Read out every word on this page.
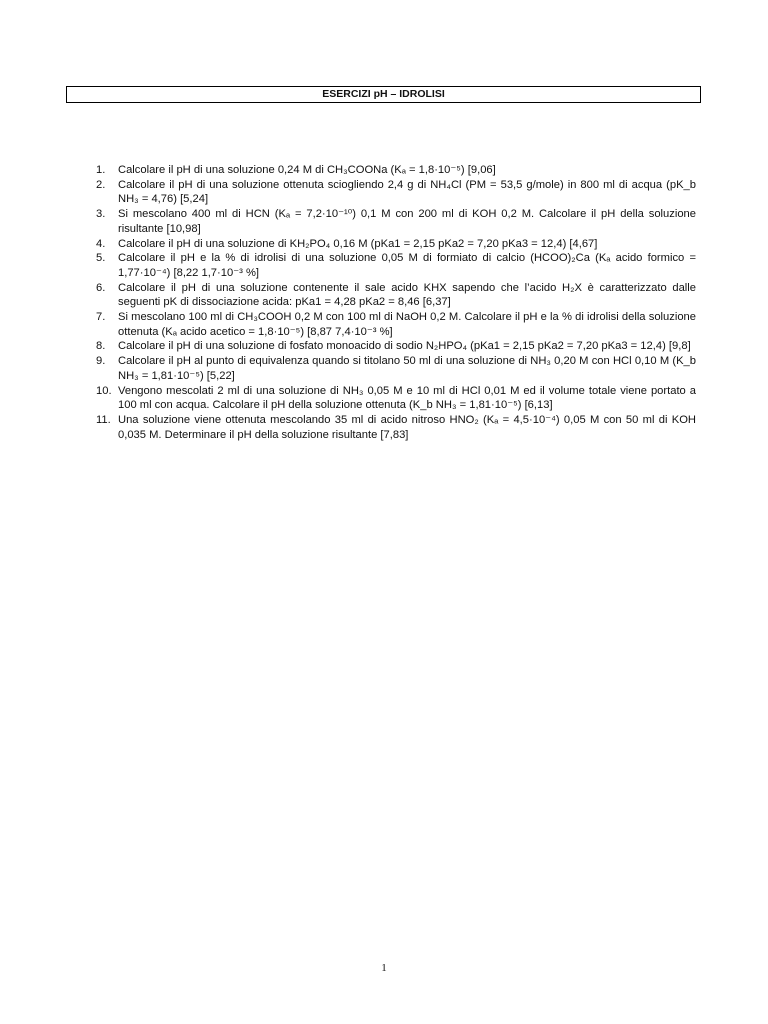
ESERCIZI pH – IDROLISI
1. Calcolare il pH di una soluzione 0,24 M di CH₃COONa (Kₐ = 1,8·10⁻⁵) [9,06]
2. Calcolare il pH di una soluzione ottenuta sciogliendo 2,4 g di NH₄Cl (PM = 53,5 g/mole) in 800 ml di acqua (pK_b NH₃ = 4,76) [5,24]
3. Si mescolano 400 ml di HCN (Kₐ = 7,2·10⁻¹⁰) 0,1 M con 200 ml di KOH 0,2 M. Calcolare il pH della soluzione risultante [10,98]
4. Calcolare il pH di una soluzione di KH₂PO₄ 0,16 M (pKa1 = 2,15 pKa2 = 7,20 pKa3 = 12,4) [4,67]
5. Calcolare il pH e la % di idrolisi di una soluzione 0,05 M di formiato di calcio (HCOO)₂Ca (Kₐ acido formico = 1,77·10⁻⁴) [8,22 1,7·10⁻³ %]
6. Calcolare il pH di una soluzione contenente il sale acido KHX sapendo che l’acido H₂X è caratterizzato dalle seguenti pK di dissociazione acida: pKa1 = 4,28 pKa2 = 8,46 [6,37]
7. Si mescolano 100 ml di CH₃COOH 0,2 M con 100 ml di NaOH 0,2 M. Calcolare il pH e la % di idrolisi della soluzione ottenuta (Kₐ acido acetico = 1,8·10⁻⁵) [8,87 7,4·10⁻³ %]
8. Calcolare il pH di una soluzione di fosfato monoacido di sodio N₂HPO₄ (pKa1 = 2,15 pKa2 = 7,20 pKa3 = 12,4) [9,8]
9. Calcolare il pH al punto di equivalenza quando si titolano 50 ml di una soluzione di NH₃ 0,20 M con HCl 0,10 M (K_b NH₃ = 1,81·10⁻⁵) [5,22]
10. Vengono mescolati 2 ml di una soluzione di NH₃ 0,05 M e 10 ml di HCl 0,01 M ed il volume totale viene portato a 100 ml con acqua. Calcolare il pH della soluzione ottenuta (K_b NH₃ = 1,81·10⁻⁵) [6,13]
11. Una soluzione viene ottenuta mescolando 35 ml di acido nitroso HNO₂ (Kₐ = 4,5·10⁻⁴) 0,05 M con 50 ml di KOH 0,035 M. Determinare il pH della soluzione risultante [7,83]
1
